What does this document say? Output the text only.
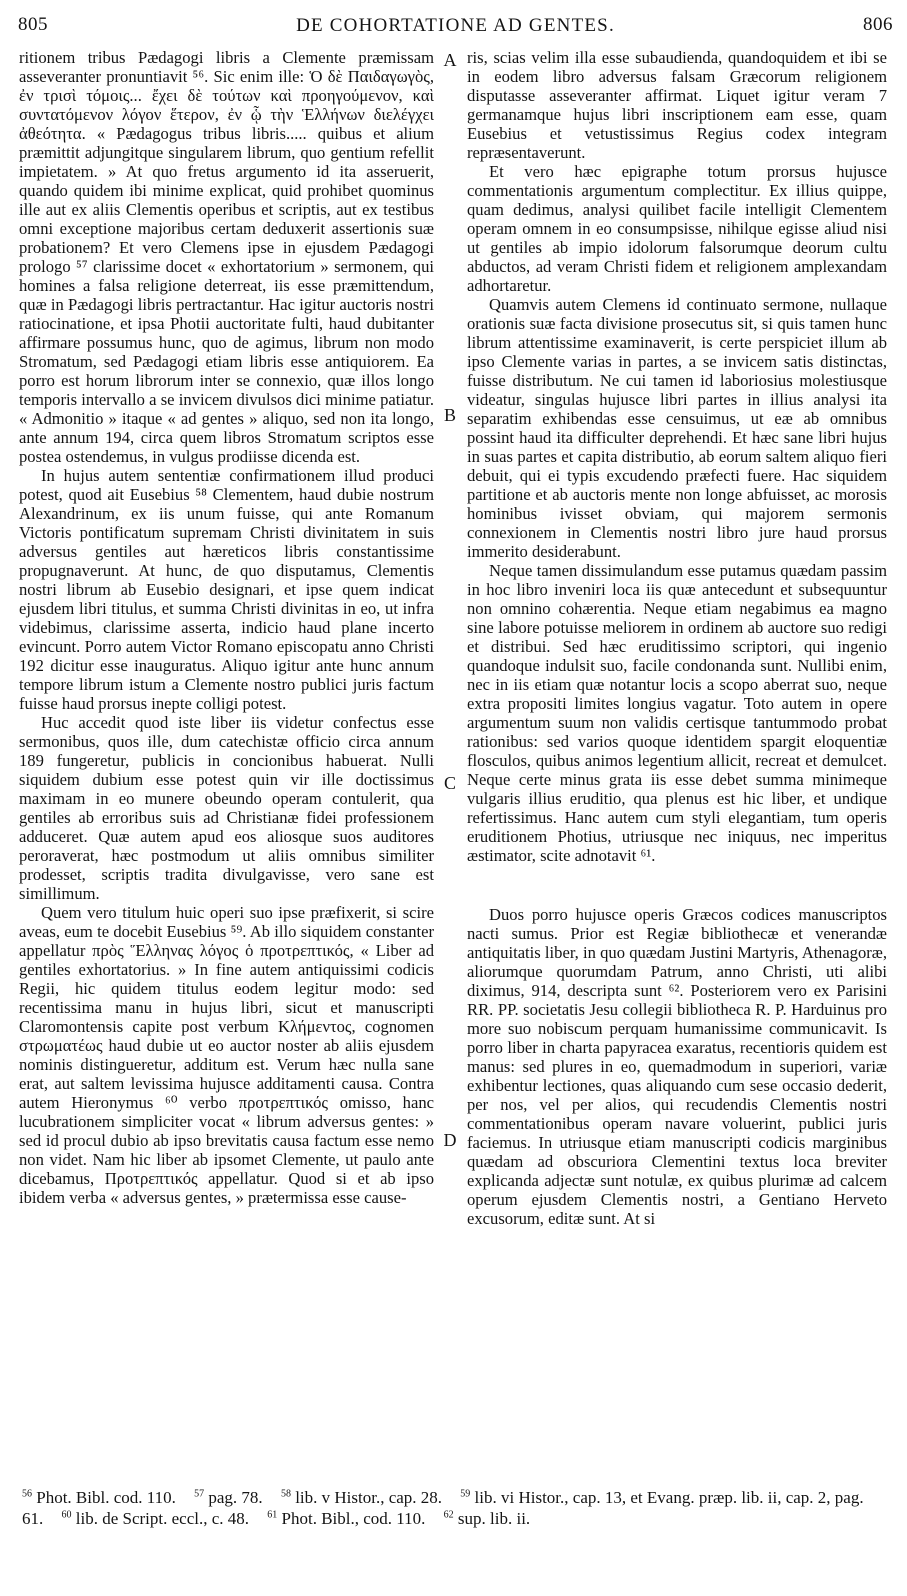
805	DE COHORTATIONE AD GENTES.	806

ritionem tribus Pædagogi libris a Clemente præmissam asseveranter pronuntiavit ⁵⁶. Sic enim ille: Ὁ δὲ Παιδαγωγὸς, ἐν τρισὶ τόμοις... ἔχει δὲ τούτων καὶ προηγούμενον, καὶ συντατόμενον λόγον ἕτερον, ἐν ᾧ τὴν Ἑλλήνων διελέγχει ἀθεότητα. « Pædagogus tribus libris..... quibus et alium præmittit adjungitque singularem librum, quo gentium refellit impietatem. » At quo fretus argumento id ita asseruerit, quando quidem ibi minime explicat, quid prohibet quominus ille aut ex aliis Clementis operibus et scriptis, aut ex testibus omni exceptione majoribus certam deduxerit assertionis suæ probationem? Et vero Clemens ipse in ejusdem Pædagogi prologo ⁵⁷ clarissime docet « exhortatorium » sermonem, qui homines a falsa religione deterreat, iis esse præmittendum, quæ in Pædagogi libris pertractantur. Hac igitur auctoris nostri ratiocinatione, et ipsa Photii auctoritate fulti, haud dubitanter affirmare possumus hunc, quo de agimus, librum non modo Stromatum, sed Pædagogi etiam libris esse antiquiorem. Ea porro est horum librorum inter se connexio, quæ illos longo temporis intervallo a se invicem divulsos dici minime patiatur. « Admonitio » itaque « ad gentes » aliquo, sed non ita longo, ante annum 194, circa quem libros Stromatum scriptos esse postea ostendemus, in vulgus prodiisse dicenda est.

In hujus autem sententiæ confirmationem illud produci potest, quod ait Eusebius ⁵⁸ Clementem, haud dubie nostrum Alexandrinum, ex iis unum fuisse, qui ante Romanum Victoris pontificatum supremam Christi divinitatem in suis adversus gentiles aut hæreticos libris constantissime propugnaverunt. At hunc, de quo disputamus, Clementis nostri librum ab Eusebio designari, et ipse quem indicat ejusdem libri titulus, et summa Christi divinitas in eo, ut infra videbimus, clarissime asserta, indicio haud plane incerto evincunt. Porro autem Victor Romano episcopatu anno Christi 192 dicitur esse inauguratus. Aliquo igitur ante hunc annum tempore librum istum a Clemente nostro publici juris factum fuisse haud prorsus inepte colligi potest.

Huc accedit quod iste liber iis videtur confectus esse sermonibus, quos ille, dum catechistæ officio circa annum 189 fungeretur, publicis in concionibus habuerat. Nulli siquidem dubium esse potest quin vir ille doctissimus maximam in eo munere obeundo operam contulerit, qua gentiles ab erroribus suis ad Christianæ fidei professionem adduceret. Quæ autem apud eos aliosque suos auditores peroraverat, hæc postmodum ut aliis omnibus similiter prodesset, scriptis tradita divulgavisse, vero sane est simillimum.

Quem vero titulum huic operi suo ipse præfixerit, si scire aveas, eum te docebit Eusebius ⁵⁹. Ab illo siquidem constanter appellatur πρὸς Ἕλληνας λόγος ὁ προτρεπτικός, « Liber ad gentiles exhortatorius. » In fine autem antiquissimi codicis Regii, hic quidem titulus eodem legitur modo: sed recentissima manu in hujus libri, sicut et manuscripti Claromontensis capite post verbum Κλήμεντος, cognomen στρωματέως haud dubie ut eo auctor noster ab aliis ejusdem nominis distingueretur, additum est. Verum hæc nulla sane erat, aut saltem levissima hujusce additamenti causa. Contra autem Hieronymus ⁶⁰ verbo προτρεπτικός omisso, hanc lucubrationem simpliciter vocat « librum adversus gentes: » sed id procul dubio ab ipso brevitatis causa factum esse nemo non videt. Nam hic liber ab ipsomet Clemente, ut paulo ante dicebamus, Προτρεπτικός appellatur. Quod si et ab ipso ibidem verba « adversus gentes, » prætermissa esse cause-

A
B
C
D

ris, scias velim illa esse subaudienda, quandoquidem et ibi se in eodem libro adversus falsam Græcorum religionem disputasse asseveranter affirmat. Liquet igitur veram 7 germanamque hujus libri inscriptionem eam esse, quam Eusebius et vetustissimus Regius codex integram repræsentaverunt.

Et vero hæc epigraphe totum prorsus hujusce commentationis argumentum complectitur. Ex illius quippe, quam dedimus, analysi quilibet facile intelligit Clementem operam omnem in eo consumpsisse, nihilque egisse aliud nisi ut gentiles ab impio idolorum falsorumque deorum cultu abductos, ad veram Christi fidem et religionem amplexandam adhortaretur.

Quamvis autem Clemens id continuato sermone, nullaque orationis suæ facta divisione prosecutus sit, si quis tamen hunc librum attentissime examinaverit, is certe perspiciet illum ab ipso Clemente varias in partes, a se invicem satis distinctas, fuisse distributum. Ne cui tamen id laboriosius molestiusque videatur, singulas hujusce libri partes in illius analysi ita separatim exhibendas esse censuimus, ut eæ ab omnibus possint haud ita difficulter deprehendi. Et hæc sane libri hujus in suas partes et capita distributio, ab eorum saltem aliquo fieri debuit, qui ei typis excudendo præfecti fuere. Hac siquidem partitione et ab auctoris mente non longe abfuisset, ac morosis hominibus ivisset obviam, qui majorem sermonis connexionem in Clementis nostri libro jure haud prorsus immerito desiderabunt.

Neque tamen dissimulandum esse putamus quædam passim in hoc libro inveniri loca iis quæ antecedunt et subsequuntur non omnino cohærentia. Neque etiam negabimus ea magno sine labore potuisse meliorem in ordinem ab auctore suo redigi et distribui. Sed hæc eruditissimo scriptori, qui ingenio quandoque indulsit suo, facile condonanda sunt. Nullibi enim, nec in iis etiam quæ notantur locis a scopo aberrat suo, neque extra propositi limites longius vagatur. Toto autem in opere argumentum suum non validis certisque tantummodo probat rationibus: sed varios quoque identidem spargit eloquentiæ flosculos, quibus animos legentium allicit, recreat et demulcet. Neque certe minus grata iis esse debet summa minimeque vulgaris illius eruditio, qua plenus est hic liber, et undique refertissimus. Hanc autem cum styli elegantiam, tum operis eruditionem Photius, utriusque nec iniquus, nec imperitus æstimator, scite adnotavit ⁶¹.

Duos porro hujusce operis Græcos codices manuscriptos nacti sumus. Prior est Regiæ bibliothecæ et venerandæ antiquitatis liber, in quo quædam Justini Martyris, Athenagoræ, aliorumque quorumdam Patrum, anno Christi, uti alibi diximus, 914, descripta sunt ⁶². Posteriorem vero ex Parisini RR. PP. societatis Jesu collegii bibliotheca R. P. Harduinus pro more suo nobiscum perquam humanissime communicavit. Is porro liber in charta papyracea exaratus, recentioris quidem est manus: sed plures in eo, quemadmodum in superiori, variæ exhibentur lectiones, quas aliquando cum sese occasio dederit, per nos, vel per alios, qui recudendis Clementis nostri commentationibus operam navare voluerint, publici juris faciemus. In utriusque etiam manuscripti codicis marginibus quædam ad obscuriora Clementini textus loca breviter explicanda adjectæ sunt notulæ, ex quibus plurimæ ad calcem operum ejusdem Clementis nostri, a Gentiano Herveto excusorum, editæ sunt. At si

$^{56}$ Phot. Bibl. cod. 110. $^{57}$ pag. 78. $^{58}$ lib. v Histor., cap. 28. $^{59}$ lib. vi Histor., cap. 13, et Evang. præp. lib. ii, cap. 2, pag. 61. $^{60}$ lib. de Script. eccl., c. 48. $^{61}$ Phot. Bibl., cod. 110. $^{62}$ sup. lib. ii.
